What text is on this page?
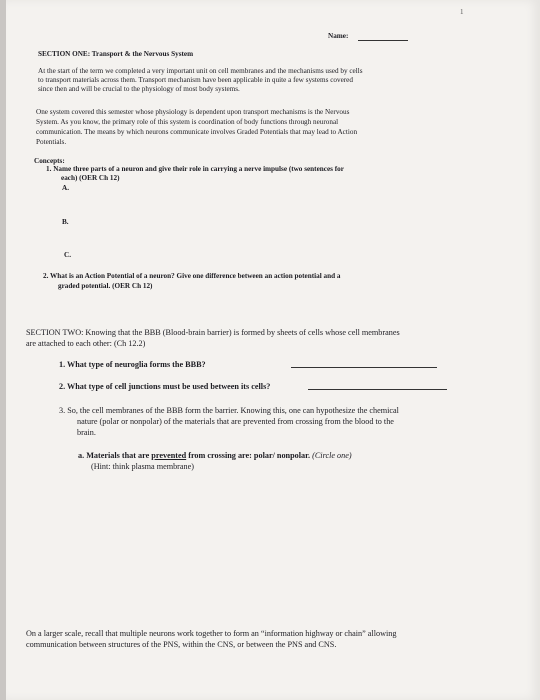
1
Name:
SECTION ONE: Transport & the Nervous System
At the start of the term we completed a very important unit on cell membranes and the mechanisms used by cells
to transport materials across them. Transport mechanism have been applicable in quite a few systems covered
since then and will be crucial to the physiology of most body systems.
One system covered this semester whose physiology is dependent upon transport mechanisms is the Nervous
System. As you know, the primary role of this system is coordination of body functions through neuronal
communication. The means by which neurons communicate involves Graded Potentials that may lead to Action
Potentials.
Concepts:
1. Name three parts of a neuron and give their role in carrying a nerve impulse (two sentences for
each) (OER Ch 12)
A.
B.
C.
2. What is an Action Potential of a neuron? Give one difference between an action potential and a
graded potential. (OER Ch 12)
SECTION TWO: Knowing that the BBB (Blood-brain barrier) is formed by sheets of cells whose cell membranes
are attached to each other: (Ch 12.2)
1. What type of neuroglia forms the BBB?
2. What type of cell junctions must be used between its cells?
3. So, the cell membranes of the BBB form the barrier. Knowing this, one can hypothesize the chemical
nature (polar or nonpolar) of the materials that are prevented from crossing from the blood to the
brain.
a. Materials that are prevented from crossing are: polar/ nonpolar. (Circle one)
(Hint: think plasma membrane)
On a larger scale, recall that multiple neurons work together to form an “information highway or chain” allowing
communication between structures of the PNS, within the CNS, or between the PNS and CNS.
